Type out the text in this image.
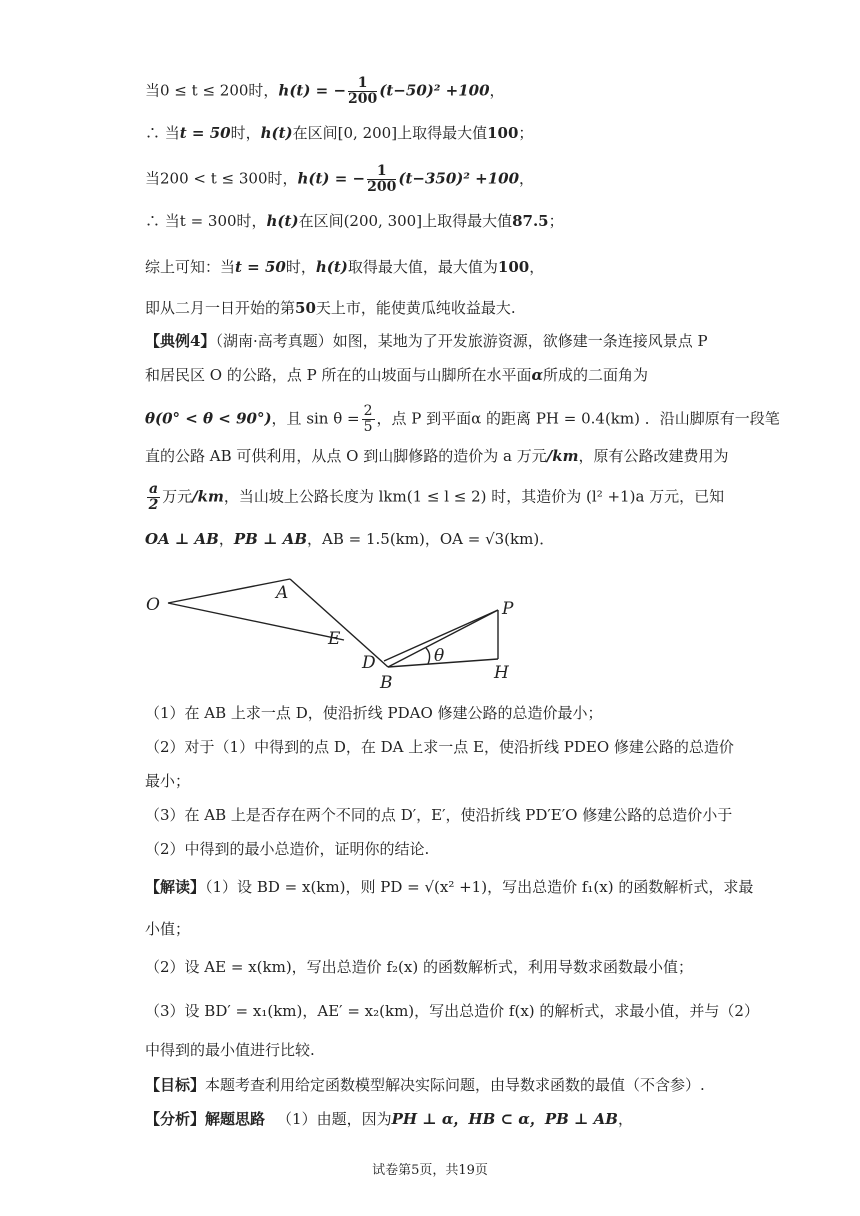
当0 ≤ t ≤ 200时，h(t) = − $\frac{1}{200} (t-50)^2 +100$，
∴ 当t = 50时，h(t)在区间[0, 200]上取得最大值100；
当200 < t ≤ 300时，h(t) = − $\frac{1}{200} (t-350)^2 +100$，
∴ 当t = 300时，h(t)在区间(200, 300]上取得最大值87.5；
综上可知：当t = 50时，h(t)取得最大值，最大值为100，
即从二月一日开始的第50天上市，能使黄瓜纯收益最大.
【典例4】（湖南·高考真题）如图，某地为了开发旅游资源，欲修建一条连接风景点 P
和居民区 O 的公路，点 P 所在的山坡面与山脚所在水平面α所成的二面角为
θ(0° < θ < 90°)，且 $\sin \theta = \frac{2}{5}$ ，点 P 到平面α 的距离 PH = 0.4(km) ．沿山脚原有一段笔
直的公路 AB 可供利用，从点 O 到山脚修路的造价为 a 万元/km，原有公路改建费用为
$\frac{a}{2}$ 万元/km，当山坡上公路长度为 lkm(1 ≤ l ≤ 2) 时，其造价为 (l² +1)a 万元，已知
OA ⊥ AB，PB ⊥ AB，AB = 1.5(km)，OA = √3(km)．
O
A
E
D
B
P
H
θ
（1）在 AB 上求一点 D，使沿折线 PDAO 修建公路的总造价最小；
（2）对于（1）中得到的点 D，在 DA 上求一点 E，使沿折线 PDEO 修建公路的总造价
最小；
（3）在 AB 上是否存在两个不同的点 D′，E′，使沿折线 PD′E′O 修建公路的总造价小于
（2）中得到的最小总造价，证明你的结论.
【解读】（1）设 BD = x(km)，则 PD = √(x² +1)，写出总造价 f₁(x) 的函数解析式，求最
小值；
（2）设 AE = x(km)，写出总造价 f₂(x) 的函数解析式，利用导数求函数最小值；
（3）设 BD′ = x₁(km)，AE′ = x₂(km)，写出总造价 f(x) 的解析式，求最小值，并与（2）
中得到的最小值进行比较.
【目标】本题考查利用给定函数模型解决实际问题，由导数求函数的最值（不含参）.
【分析】解题思路 （1）由题，因为PH ⊥ α，HB ⊂ α，PB ⊥ AB，
试卷第5页，共19页
